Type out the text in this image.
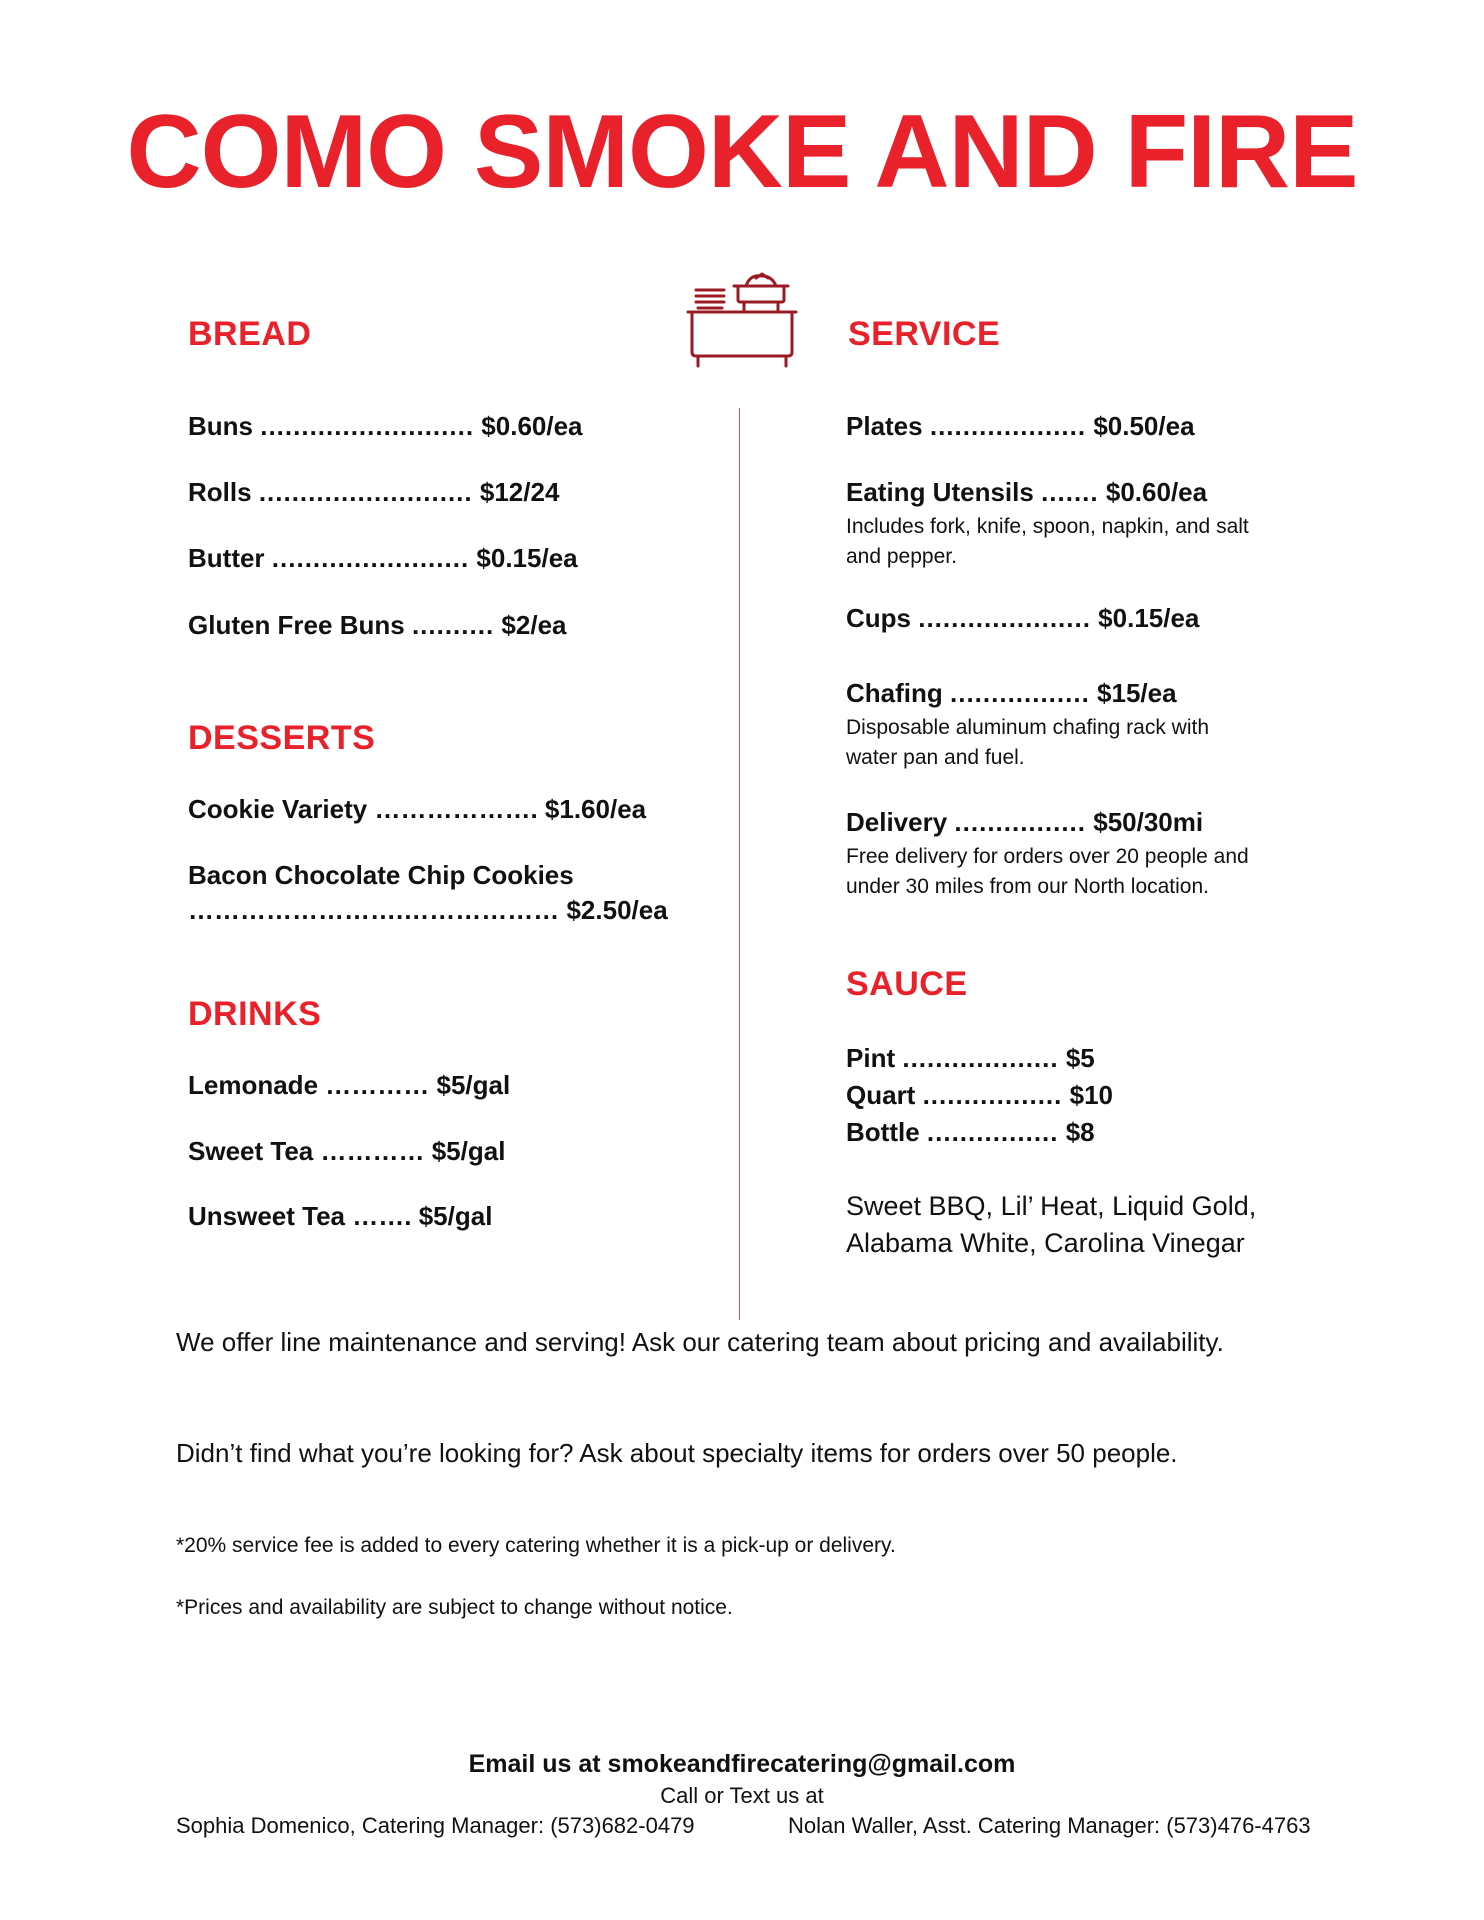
COMO SMOKE AND FIRE
BREAD
Buns .......................... $0.60/ea
Rolls .......................... $12/24
Butter ........................ $0.15/ea
Gluten Free Buns .......... $2/ea
DESSERTS
Cookie Variety ………………. $1.60/ea
Bacon Chocolate Chip Cookies
…………………….……………… $2.50/ea
DRINKS
Lemonade ………… $5/gal
Sweet Tea ………… $5/gal
Unsweet Tea ……. $5/gal
SERVICE
Plates ................... $0.50/ea
Eating Utensils ....... $0.60/ea
Includes fork, knife, spoon, napkin, and salt and pepper.
Cups ..................... $0.15/ea
Chafing ................. $15/ea
Disposable aluminum chafing rack with water pan and fuel.
Delivery ................ $50/30mi
Free delivery for orders over 20 people and under 30 miles from our North location.
SAUCE
Pint ................... $5
Quart ................. $10
Bottle ................ $8
Sweet BBQ, Lil’ Heat, Liquid Gold, Alabama White, Carolina Vinegar
We offer line maintenance and serving! Ask our catering team about pricing and availability.
Didn’t find what you’re looking for? Ask about specialty items for orders over 50 people.
*20% service fee is added to every catering whether it is a pick-up or delivery.
*Prices and availability are subject to change without notice.
Email us at smokeandfirecatering@gmail.com
Call or Text us at
Sophia Domenico, Catering Manager: (573)682-0479	Nolan Waller, Asst. Catering Manager: (573)476-4763
